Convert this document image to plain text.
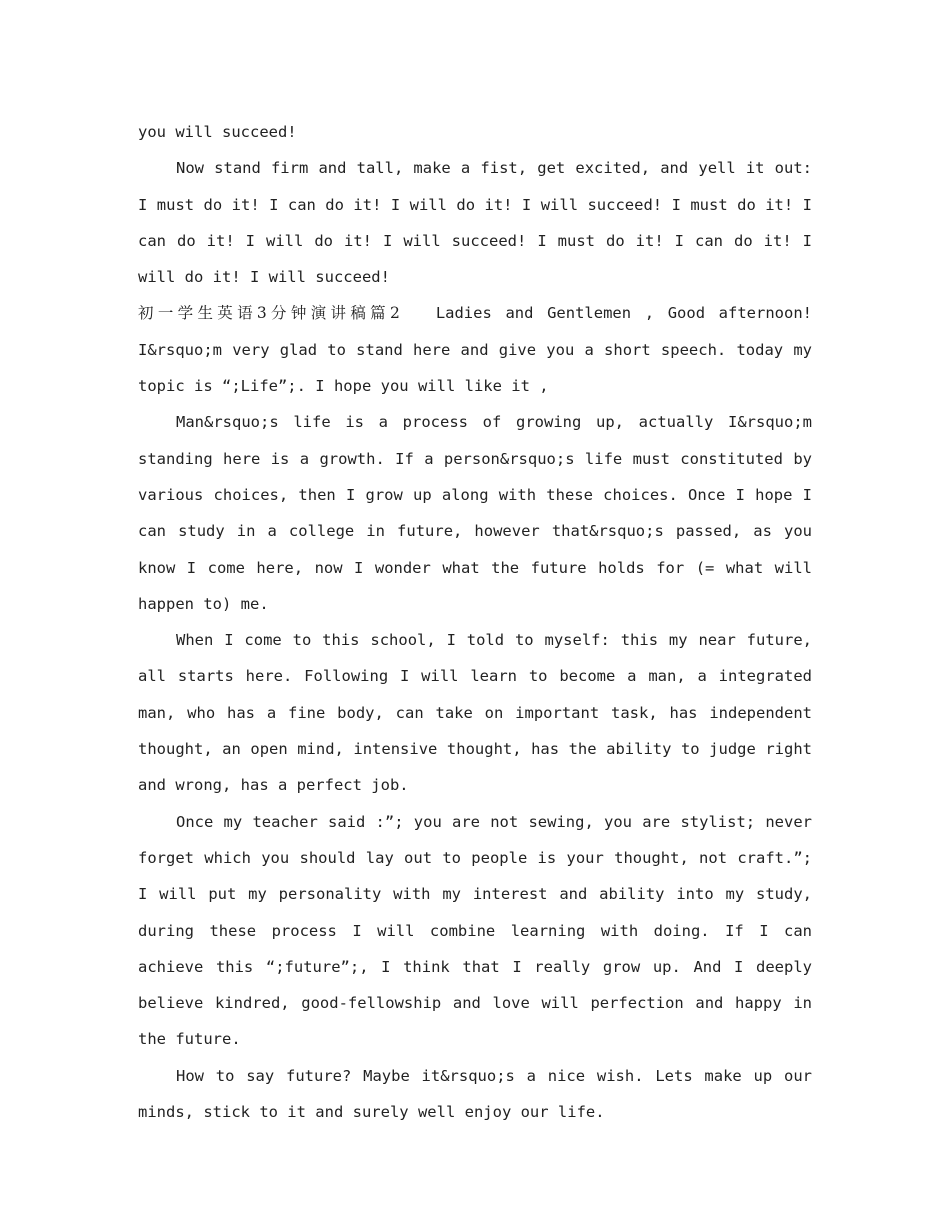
you will succeed!

Now stand firm and tall, make a fist, get excited, and yell it out: I must do it! I can do it! I will do it! I will succeed! I must do it! I can do it! I will do it! I will succeed! I must do it! I can do it! I will do it! I will succeed!

初一学生英语3分钟演讲稿篇2 Ladies and Gentlemen , Good afternoon! I&rsquo;m very glad to stand here and give you a short speech. today my topic is “;Life”;. I hope you will like it ,

Man&rsquo;s life is a process of growing up, actually I&rsquo;m standing here is a growth. If a person&rsquo;s life must constituted by various choices, then I grow up along with these choices. Once I hope I can study in a college in future, however that&rsquo;s passed, as you know I come here, now I wonder what the future holds for (= what will happen to) me.

When I come to this school, I told to myself: this my near future, all starts here. Following I will learn to become a man, a integrated man, who has a fine body, can take on important task, has independent thought, an open mind, intensive thought, has the ability to judge right and wrong, has a perfect job.

Once my teacher said :”; you are not sewing, you are stylist; never forget which you should lay out to people is your thought, not craft.”; I will put my personality with my interest and ability into my study, during these process I will combine learning with doing. If I can achieve this “;future”;, I think that I really grow up. And I deeply believe kindred, good-fellowship and love will perfection and happy in the future.

How to say future? Maybe it&rsquo;s a nice wish. Lets make up our minds, stick to it and surely well enjoy our life.
